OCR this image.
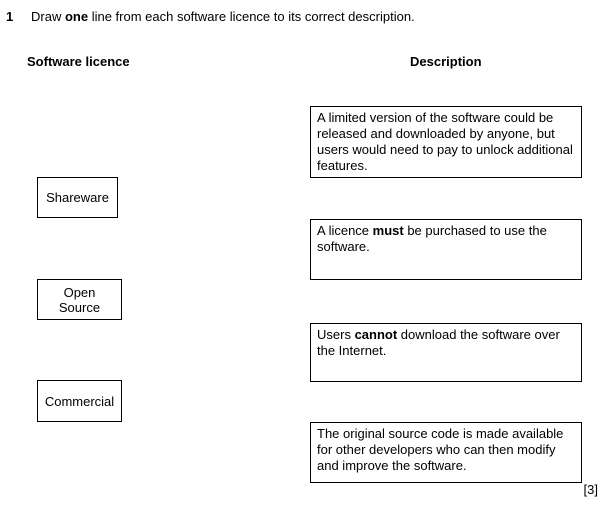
1 Draw one line from each software licence to its correct description.
Software licence	Description
Shareware
Open
Source
Commercial
A limited version of the software could be released and downloaded by anyone, but users would need to pay to unlock additional features.
A licence must be purchased to use the software.
Users cannot download the software over the Internet.
The original source code is made available for other developers who can then modify and improve the software.
[3]
